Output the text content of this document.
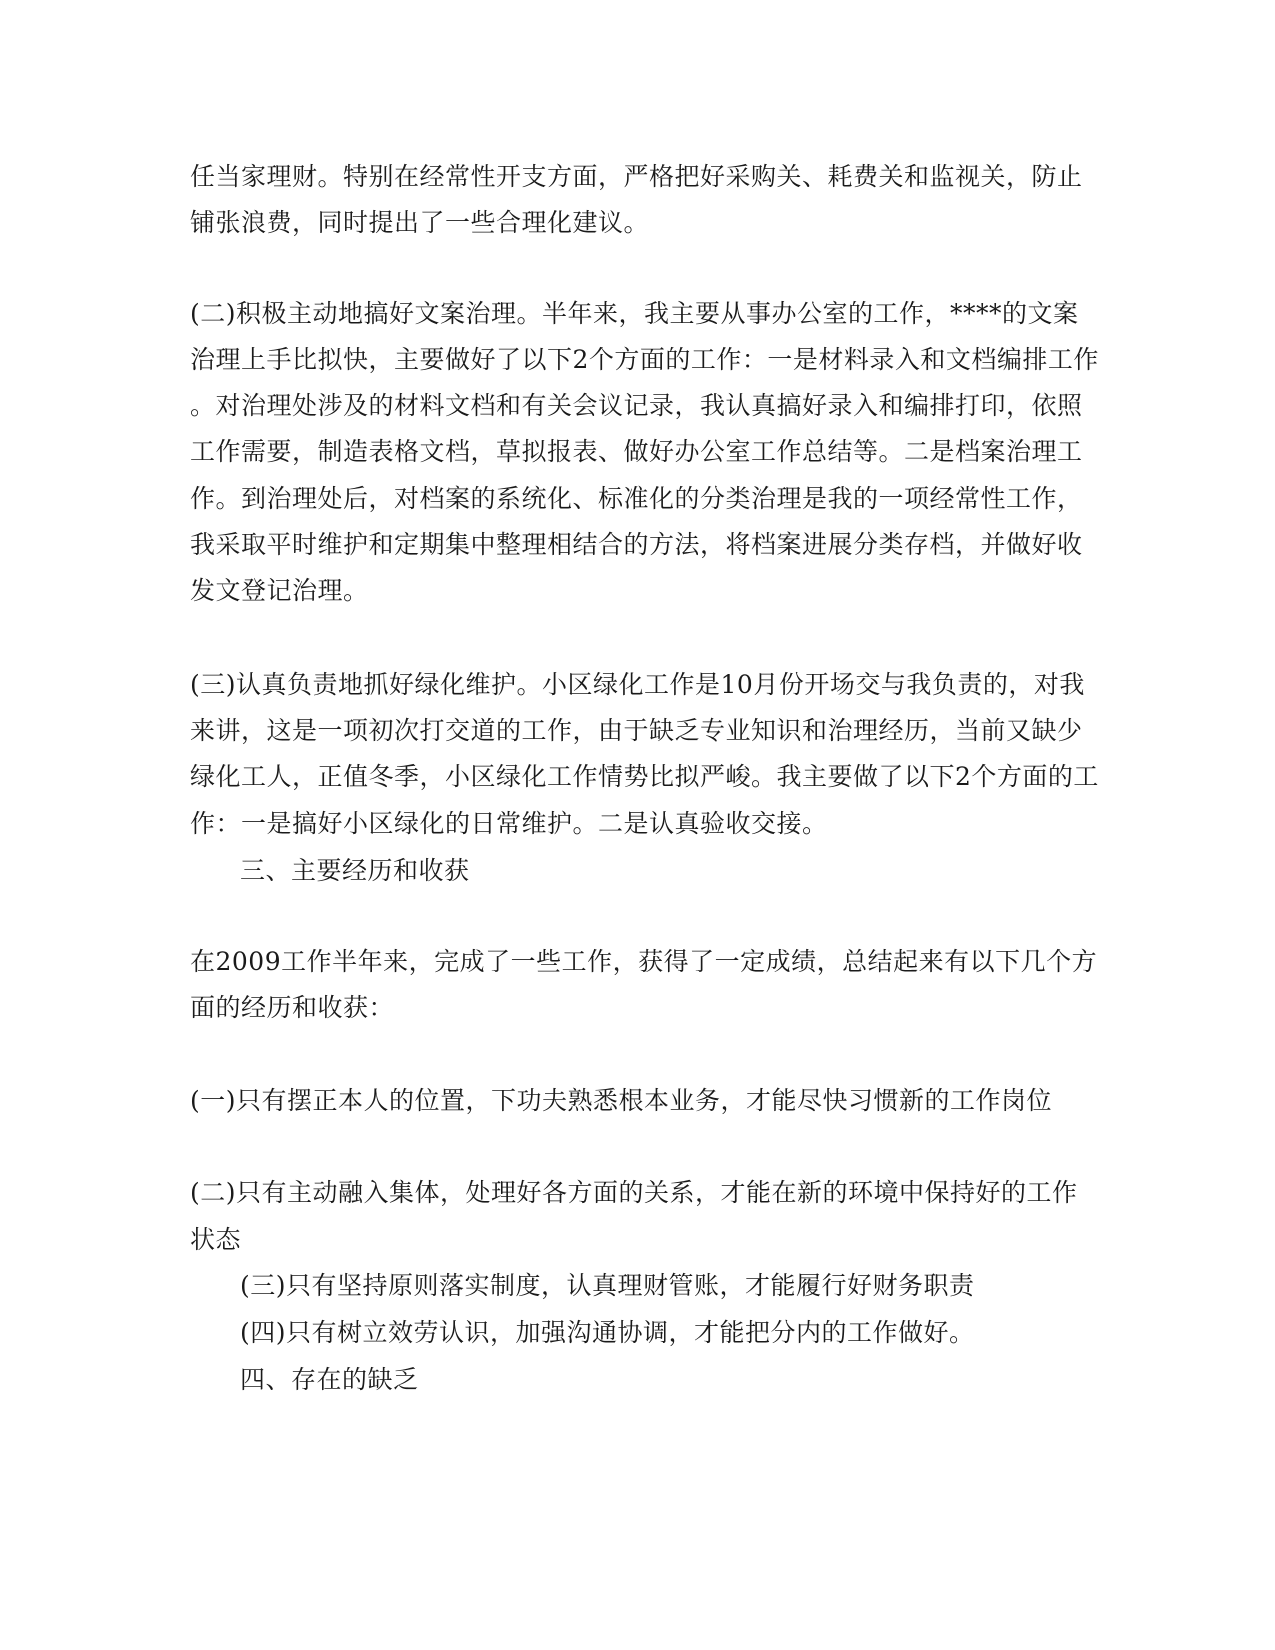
任当家理财。特别在经常性开支方面，严格把好采购关、耗费关和监视关，防止
铺张浪费，同时提出了一些合理化建议。
(二)积极主动地搞好文案治理。半年来，我主要从事办公室的工作，****的文案
治理上手比拟快，主要做好了以下2个方面的工作：一是材料录入和文档编排工作
。对治理处涉及的材料文档和有关会议记录，我认真搞好录入和编排打印，依照
工作需要，制造表格文档，草拟报表、做好办公室工作总结等。二是档案治理工
作。到治理处后，对档案的系统化、标准化的分类治理是我的一项经常性工作，
我采取平时维护和定期集中整理相结合的方法，将档案进展分类存档，并做好收
发文登记治理。
(三)认真负责地抓好绿化维护。小区绿化工作是10月份开场交与我负责的，对我
来讲，这是一项初次打交道的工作，由于缺乏专业知识和治理经历，当前又缺少
绿化工人，正值冬季，小区绿化工作情势比拟严峻。我主要做了以下2个方面的工
作：一是搞好小区绿化的日常维护。二是认真验收交接。
三、主要经历和收获
在2009工作半年来，完成了一些工作，获得了一定成绩，总结起来有以下几个方
面的经历和收获：
(一)只有摆正本人的位置，下功夫熟悉根本业务，才能尽快习惯新的工作岗位
(二)只有主动融入集体，处理好各方面的关系，才能在新的环境中保持好的工作
状态
(三)只有坚持原则落实制度，认真理财管账，才能履行好财务职责
(四)只有树立效劳认识，加强沟通协调，才能把分内的工作做好。
四、存在的缺乏
